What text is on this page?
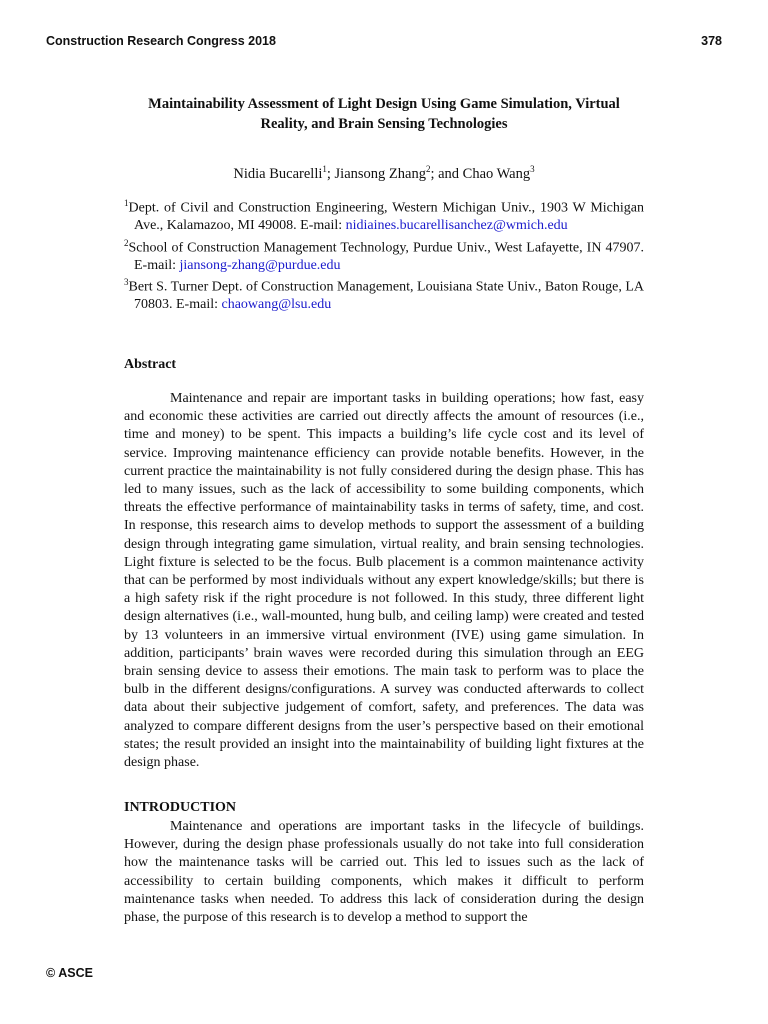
Construction Research Congress 2018	378
Maintainability Assessment of Light Design Using Game Simulation, Virtual
Reality, and Brain Sensing Technologies
Nidia Bucarelli$^1$; Jiansong Zhang$^2$; and Chao Wang$^3$
$^1$Dept. of Civil and Construction Engineering, Western Michigan Univ., 1903 W Michigan Ave., Kalamazoo, MI 49008. E-mail: nidiaines.bucarellisanchez@wmich.edu
$^2$School of Construction Management Technology, Purdue Univ., West Lafayette, IN 47907. E-mail: jiansong-zhang@purdue.edu
$^3$Bert S. Turner Dept. of Construction Management, Louisiana State Univ., Baton Rouge, LA 70803. E-mail: chaowang@lsu.edu
Abstract

Maintenance and repair are important tasks in building operations; how fast, easy and economic these activities are carried out directly affects the amount of resources (i.e., time and money) to be spent. This impacts a building’s life cycle cost and its level of service. Improving maintenance efficiency can provide notable benefits. However, in the current practice the maintainability is not fully considered during the design phase. This has led to many issues, such as the lack of accessibility to some building components, which threats the effective performance of maintainability tasks in terms of safety, time, and cost. In response, this research aims to develop methods to support the assessment of a building design through integrating game simulation, virtual reality, and brain sensing technologies. Light fixture is selected to be the focus. Bulb placement is a common maintenance activity that can be performed by most individuals without any expert knowledge/skills; but there is a high safety risk if the right procedure is not followed. In this study, three different light design alternatives (i.e., wall-mounted, hung bulb, and ceiling lamp) were created and tested by 13 volunteers in an immersive virtual environment (IVE) using game simulation. In addition, participants’ brain waves were recorded during this simulation through an EEG brain sensing device to assess their emotions. The main task to perform was to place the bulb in the different designs/configurations. A survey was conducted afterwards to collect data about their subjective judgement of comfort, safety, and preferences. The data was analyzed to compare different designs from the user’s perspective based on their emotional states; the result provided an insight into the maintainability of building light fixtures at the design phase.

INTRODUCTION

Maintenance and operations are important tasks in the lifecycle of buildings. However, during the design phase professionals usually do not take into full consideration how the maintenance tasks will be carried out. This led to issues such as the lack of accessibility to certain building components, which makes it difficult to perform maintenance tasks when needed. To address this lack of consideration during the design phase, the purpose of this research is to develop a method to support the

© ASCE
